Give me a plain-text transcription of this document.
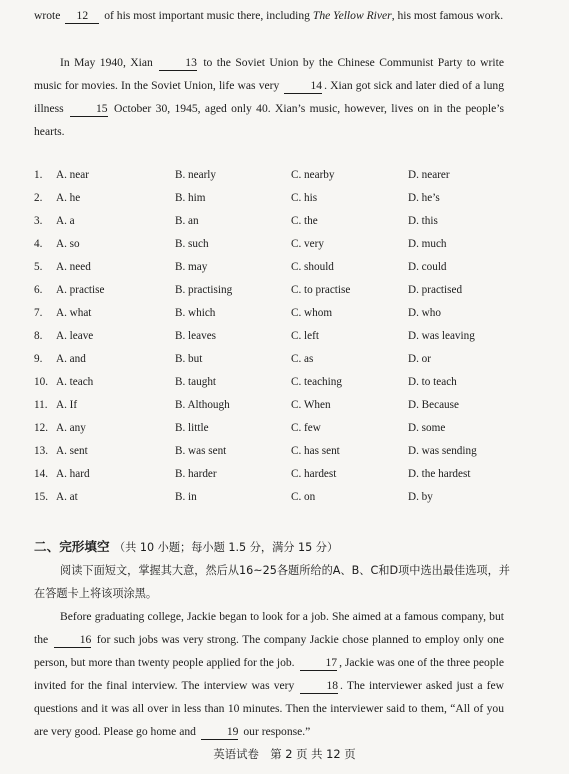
wrote 12 of his most important music there, including The Yellow River, his most famous work.
In May 1940, Xian	13 to the Soviet Union by the Chinese Communist Party to write music for movies. In the Soviet Union, life was very	14 . Xian got sick and later died of a lung illness	15 October 30, 1945, aged only 40. Xian’s music, however, lives on in the people’s hearts.
1. A. near	B. nearly	C. nearby	D. nearer
2. A. he	B. him	C. his	D. he’s
3. A. a	B. an	C. the	D. this
4. A. so	B. such	C. very	D. much
5. A. need	B. may	C. should	D. could
6. A. practise	B. practising	C. to practise	D. practised
7. A. what	B. which	C. whom	D. who
8. A. leave	B. leaves	C. left	D. was leaving
9. A. and	B. but	C. as	D. or
10. A. teach	B. taught	C. teaching	D. to teach
11. A. If	B. Although	C. When	D. Because
12. A. any	B. little	C. few	D. some
13. A. sent	B. was sent	C. has sent	D. was sending
14. A. hard	B. harder	C. hardest	D. the hardest
15. A. at	B. in	C. on	D. by
二、完形填空 （共 10 小题；每小题 1.5 分，满分 15 分）
阅读下面短文，掌握其大意，然后从16~25各题所给的A、B、C和D项中选出最佳选项，并在答题卡上将该项涂黑。
Before graduating college, Jackie began to look for a job. She aimed at a famous company, but the	16 for such jobs was very strong. The company Jackie chose planned to employ only one person, but more than twenty people applied for the job.	17 , Jackie was one of the three people invited for the final interview. The interview was very	18 . The interviewer asked just a few questions and it was all over in less than 10 minutes. Then the interviewer said to them, “All of you are very good. Please go home and	19 our response.”
英语试卷　第 2 页 共 12 页
